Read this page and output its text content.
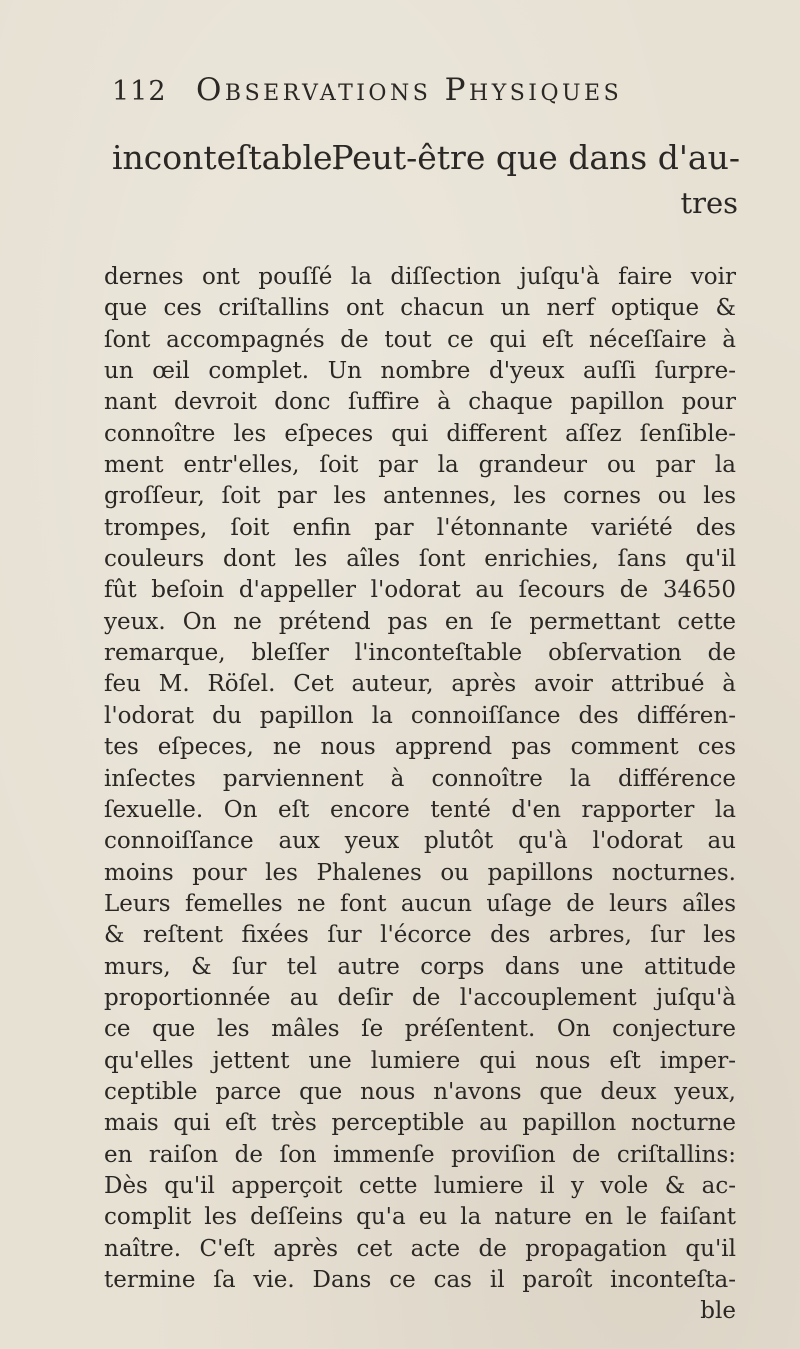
112 Observations Physiques
inconteſtable.
Peut-être que dans d'au-
tres
dernes ont pouſſé la diſſection juſqu'à faire voir
que ces criſtallins ont chacun un nerf optique &
ſont accompagnés de tout ce qui eſt néceſſaire à
un œil complet. Un nombre d'yeux auſſi ſurpre-
nant devroit donc ſuffire à chaque papillon pour
connoître les eſpeces qui different aſſez ſenſible-
ment entr'elles, ſoit par la grandeur ou par la
groſſeur, ſoit par les antennes, les cornes ou les
trompes, ſoit enfin par l'étonnante variété des
couleurs dont les aîles ſont enrichies, ſans qu'il
fût beſoin d'appeller l'odorat au ſecours de 34650
yeux. On ne prétend pas en ſe permettant cette
remarque, bleſſer l'inconteſtable obſervation de
feu M. Röſel. Cet auteur, après avoir attribué à
l'odorat du papillon la connoiſſance des différen-
tes eſpeces, ne nous apprend pas comment ces
inſectes parviennent à connoître la différence
ſexuelle. On eſt encore tenté d'en rapporter la
connoiſſance aux yeux plutôt qu'à l'odorat au
moins pour les Phalenes ou papillons nocturnes.
Leurs femelles ne font aucun uſage de leurs aîles
& reſtent fixées ſur l'écorce des arbres, ſur les
murs, & ſur tel autre corps dans une attitude
proportionnée au deſir de l'accouplement juſqu'à
ce que les mâles ſe préſentent. On conjecture
qu'elles jettent une lumiere qui nous eſt imper-
ceptible parce que nous n'avons que deux yeux,
mais qui eſt très perceptible au papillon nocturne
en raiſon de ſon immenſe proviſion de criſtallins:
Dès qu'il apperçoit cette lumiere il y vole & ac-
complit les deſſeins qu'a eu la nature en le faiſant
naître. C'eſt après cet acte de propagation qu'il
termine ſa vie. Dans ce cas il paroît inconteſta-
ble
